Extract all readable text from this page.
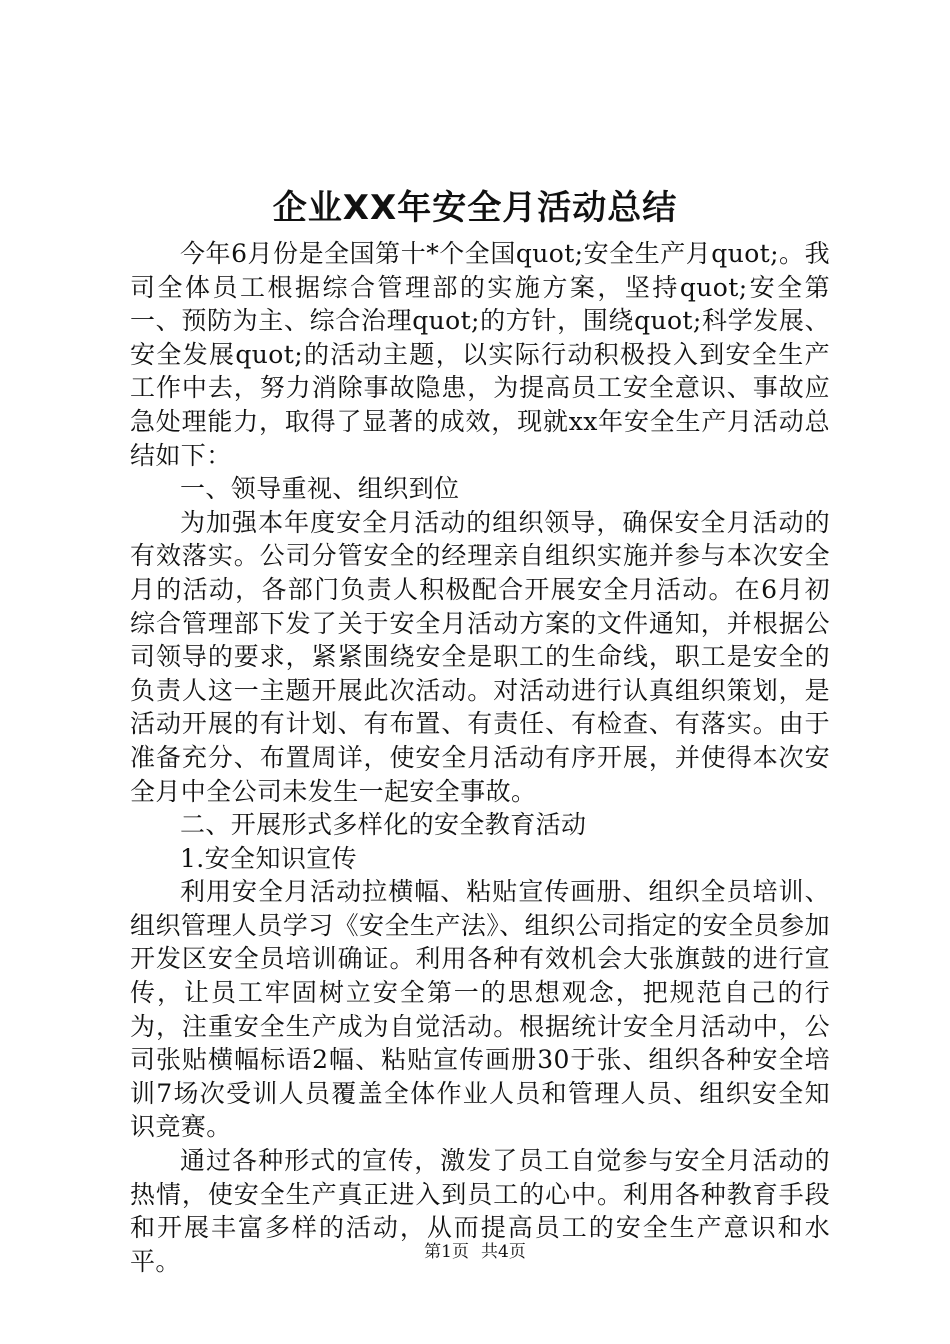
企业XX年安全月活动总结

今年6月份是全国第十*个全国quot;安全生产月quot;。我司全体员工根据综合管理部的实施方案，坚持quot;安全第一、预防为主、综合治理quot;的方针，围绕quot;科学发展、安全发展quot;的活动主题，以实际行动积极投入到安全生产工作中去，努力消除事故隐患，为提高员工安全意识、事故应急处理能力，取得了显著的成效，现就xx年安全生产月活动总结如下：

一、领导重视、组织到位

为加强本年度安全月活动的组织领导，确保安全月活动的有效落实。公司分管安全的经理亲自组织实施并参与本次安全月的活动，各部门负责人积极配合开展安全月活动。在6月初综合管理部下发了关于安全月活动方案的文件通知，并根据公司领导的要求，紧紧围绕安全是职工的生命线，职工是安全的负责人这一主题开展此次活动。对活动进行认真组织策划，是活动开展的有计划、有布置、有责任、有检查、有落实。由于准备充分、布置周详，使安全月活动有序开展，并使得本次安全月中全公司未发生一起安全事故。

二、开展形式多样化的安全教育活动

1.安全知识宣传

利用安全月活动拉横幅、粘贴宣传画册、组织全员培训、组织管理人员学习《安全生产法》、组织公司指定的安全员参加开发区安全员培训确证。利用各种有效机会大张旗鼓的进行宣传，让员工牢固树立安全第一的思想观念，把规范自己的行为，注重安全生产成为自觉活动。根据统计安全月活动中，公司张贴横幅标语2幅、粘贴宣传画册30于张、组织各种安全培训7场次受训人员覆盖全体作业人员和管理人员、组织安全知识竞赛。

通过各种形式的宣传，激发了员工自觉参与安全月活动的热情，使安全生产真正进入到员工的心中。利用各种教育手段和开展丰富多样的活动，从而提高员工的安全生产意识和水平。	第1页 共4页
